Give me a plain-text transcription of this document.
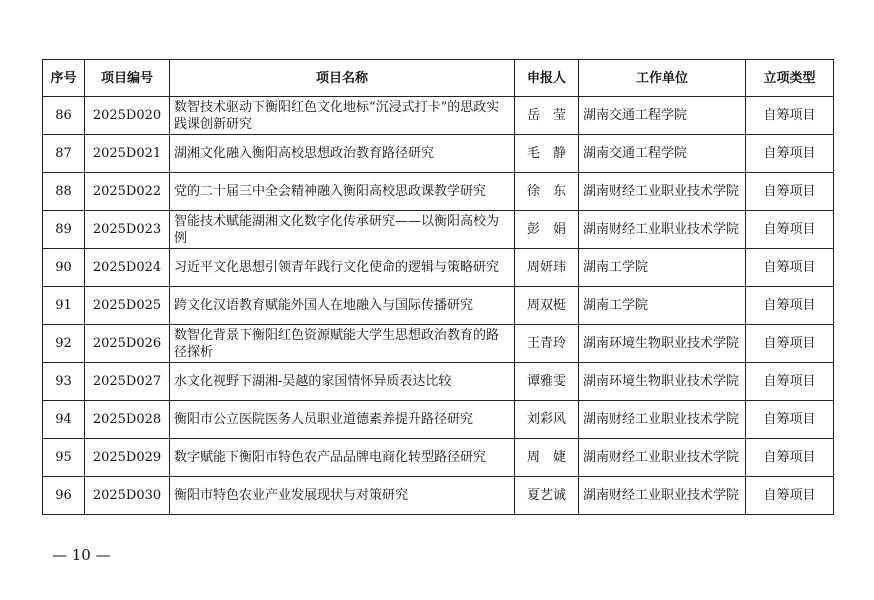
序号	项目编号	项目名称	申报人	工作单位	立项类型
86	2025D020	数智技术驱动下衡阳红色文化地标“沉浸式打卡”的思政实践课创新研究	岳　莹	湖南交通工程学院	自筹项目
87	2025D021	湖湘文化融入衡阳高校思想政治教育路径研究	毛　静	湖南交通工程学院	自筹项目
88	2025D022	党的二十届三中全会精神融入衡阳高校思政课教学研究	徐　东	湖南财经工业职业技术学院	自筹项目
89	2025D023	智能技术赋能湖湘文化数字化传承研究——以衡阳高校为例	彭　娟	湖南财经工业职业技术学院	自筹项目
90	2025D024	习近平文化思想引领青年践行文化使命的逻辑与策略研究	周妍玮	湖南工学院	自筹项目
91	2025D025	跨文化汉语教育赋能外国人在地融入与国际传播研究	周双梃	湖南工学院	自筹项目
92	2025D026	数智化背景下衡阳红色资源赋能大学生思想政治教育的路径探析	王青玲	湖南环境生物职业技术学院	自筹项目
93	2025D027	水文化视野下湖湘-吴越的家国情怀异质表达比较	谭雅雯	湖南环境生物职业技术学院	自筹项目
94	2025D028	衡阳市公立医院医务人员职业道德素养提升路径研究	刘彩风	湖南财经工业职业技术学院	自筹项目
95	2025D029	数字赋能下衡阳市特色农产品品牌电商化转型路径研究	周　婕	湖南财经工业职业技术学院	自筹项目
96	2025D030	衡阳市特色农业产业发展现状与对策研究	夏艺诚	湖南财经工业职业技术学院	自筹项目
— 10 —
